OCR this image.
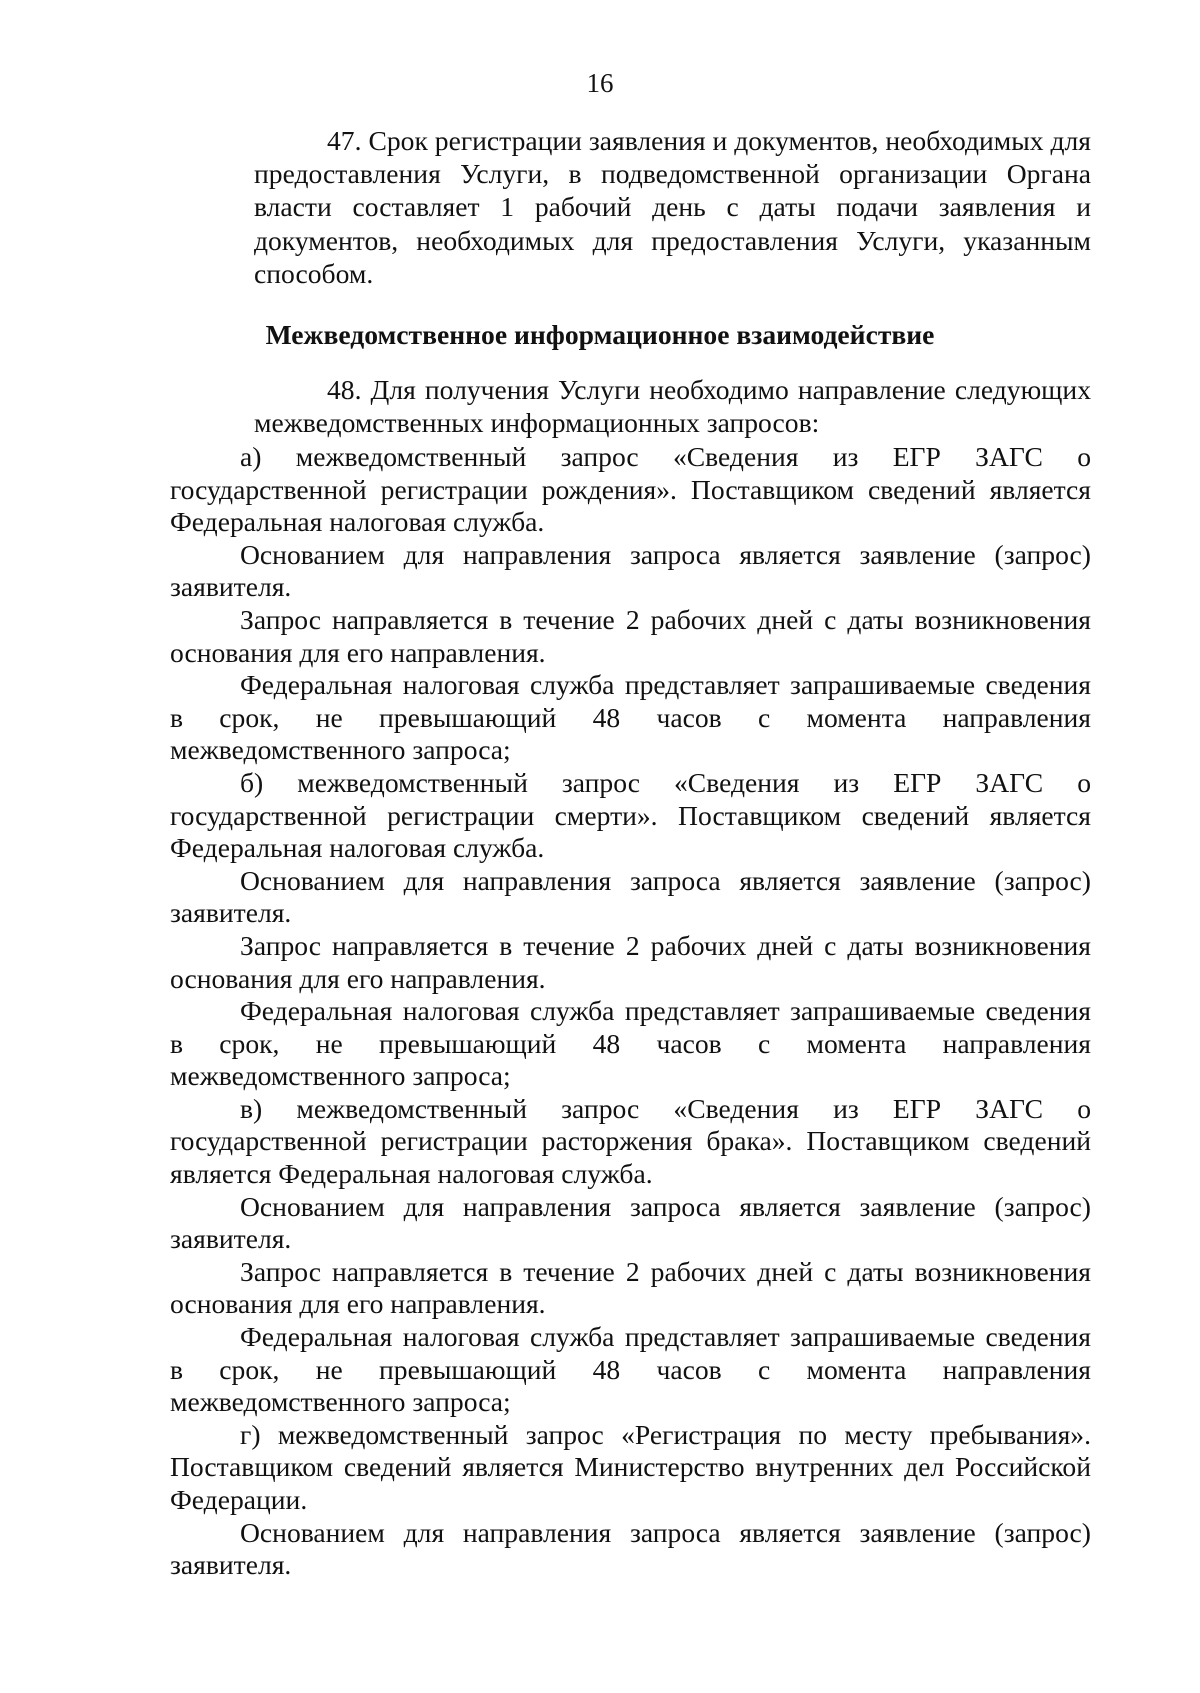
16

47. Срок регистрации заявления и документов, необходимых для предоставления Услуги, в подведомственной организации Органа власти составляет 1 рабочий день с даты подачи заявления и документов, необходимых для предоставления Услуги, указанным способом.

Межведомственное информационное взаимодействие

48. Для получения Услуги необходимо направление следующих межведомственных информационных запросов:

а) межведомственный запрос «Сведения из ЕГР ЗАГС о государственной регистрации рождения». Поставщиком сведений является Федеральная налоговая служба.

Основанием для направления запроса является заявление (запрос) заявителя.

Запрос направляется в течение 2 рабочих дней с даты возникновения основания для его направления.

Федеральная налоговая служба представляет запрашиваемые сведения в срок, не превышающий 48 часов с момента направления межведомственного запроса;

б) межведомственный запрос «Сведения из ЕГР ЗАГС о государственной регистрации смерти». Поставщиком сведений является Федеральная налоговая служба.

Основанием для направления запроса является заявление (запрос) заявителя.

Запрос направляется в течение 2 рабочих дней с даты возникновения основания для его направления.

Федеральная налоговая служба представляет запрашиваемые сведения в срок, не превышающий 48 часов с момента направления межведомственного запроса;

в) межведомственный запрос «Сведения из ЕГР ЗАГС о государственной регистрации расторжения брака». Поставщиком сведений является Федеральная налоговая служба.

Основанием для направления запроса является заявление (запрос) заявителя.

Запрос направляется в течение 2 рабочих дней с даты возникновения основания для его направления.

Федеральная налоговая служба представляет запрашиваемые сведения в срок, не превышающий 48 часов с момента направления межведомственного запроса;

г) межведомственный запрос «Регистрация по месту пребывания». Поставщиком сведений является Министерство внутренних дел Российской Федерации.

Основанием для направления запроса является заявление (запрос) заявителя.
